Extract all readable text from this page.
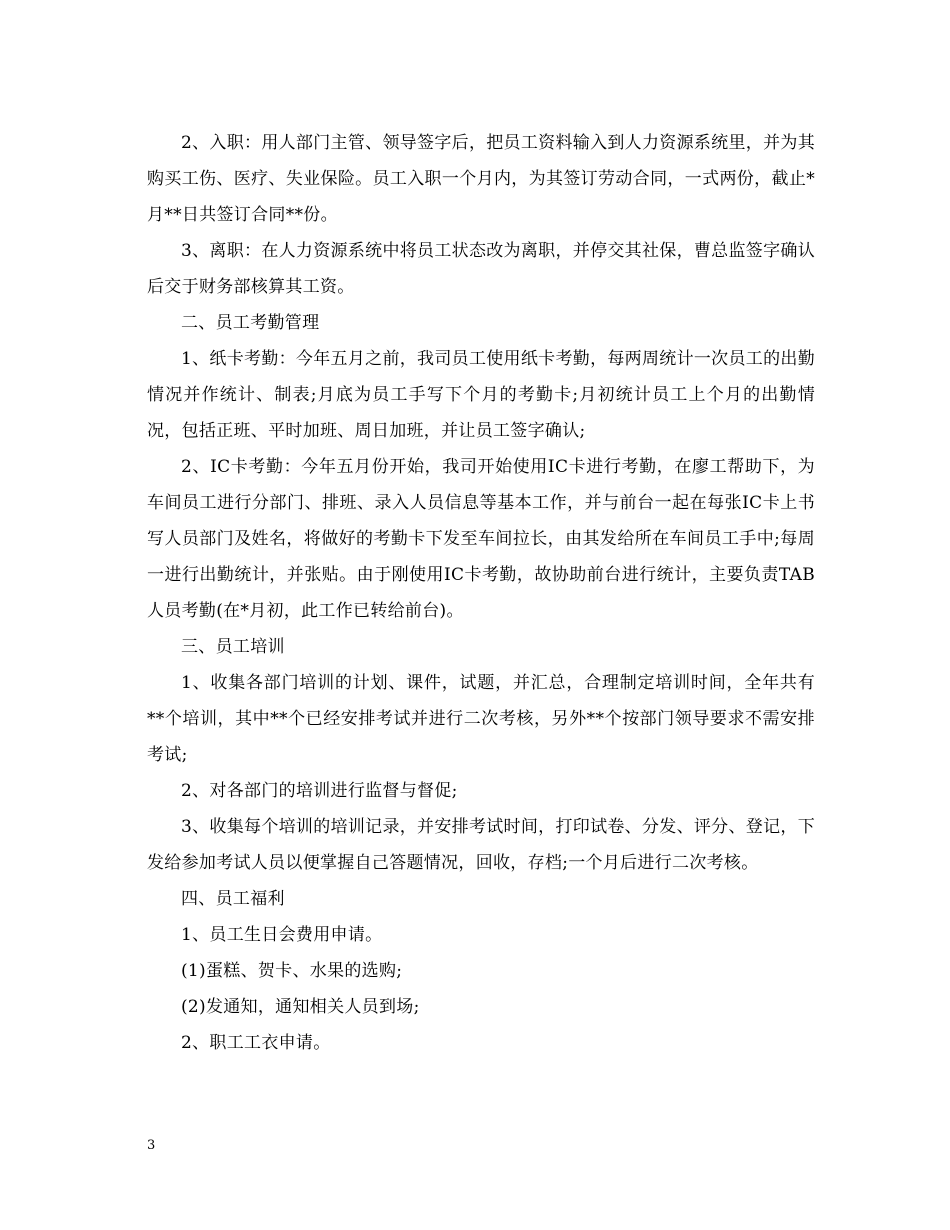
2、入职：用人部门主管、领导签字后，把员工资料输入到人力资源系统里，并为其购买工伤、医疗、失业保险。员工入职一个月内，为其签订劳动合同，一式两份，截止*月**日共签订合同**份。

3、离职：在人力资源系统中将员工状态改为离职，并停交其社保，曹总监签字确认后交于财务部核算其工资。

二、员工考勤管理

1、纸卡考勤：今年五月之前，我司员工使用纸卡考勤，每两周统计一次员工的出勤情况并作统计、制表;月底为员工手写下个月的考勤卡;月初统计员工上个月的出勤情况，包括正班、平时加班、周日加班，并让员工签字确认;

2、IC卡考勤：今年五月份开始，我司开始使用IC卡进行考勤，在廖工帮助下，为车间员工进行分部门、排班、录入人员信息等基本工作，并与前台一起在每张IC卡上书写人员部门及姓名，将做好的考勤卡下发至车间拉长，由其发给所在车间员工手中;每周一进行出勤统计，并张贴。由于刚使用IC卡考勤，故协助前台进行统计，主要负责TAB人员考勤(在*月初，此工作已转给前台)。

三、员工培训

1、收集各部门培训的计划、课件，试题，并汇总，合理制定培训时间，全年共有**个培训，其中**个已经安排考试并进行二次考核，另外**个按部门领导要求不需安排考试;

2、对各部门的培训进行监督与督促;

3、收集每个培训的培训记录，并安排考试时间，打印试卷、分发、评分、登记，下发给参加考试人员以便掌握自己答题情况，回收，存档;一个月后进行二次考核。

四、员工福利

1、员工生日会费用申请。

(1)蛋糕、贺卡、水果的选购;

(2)发通知，通知相关人员到场;

2、职工工衣申请。

3
